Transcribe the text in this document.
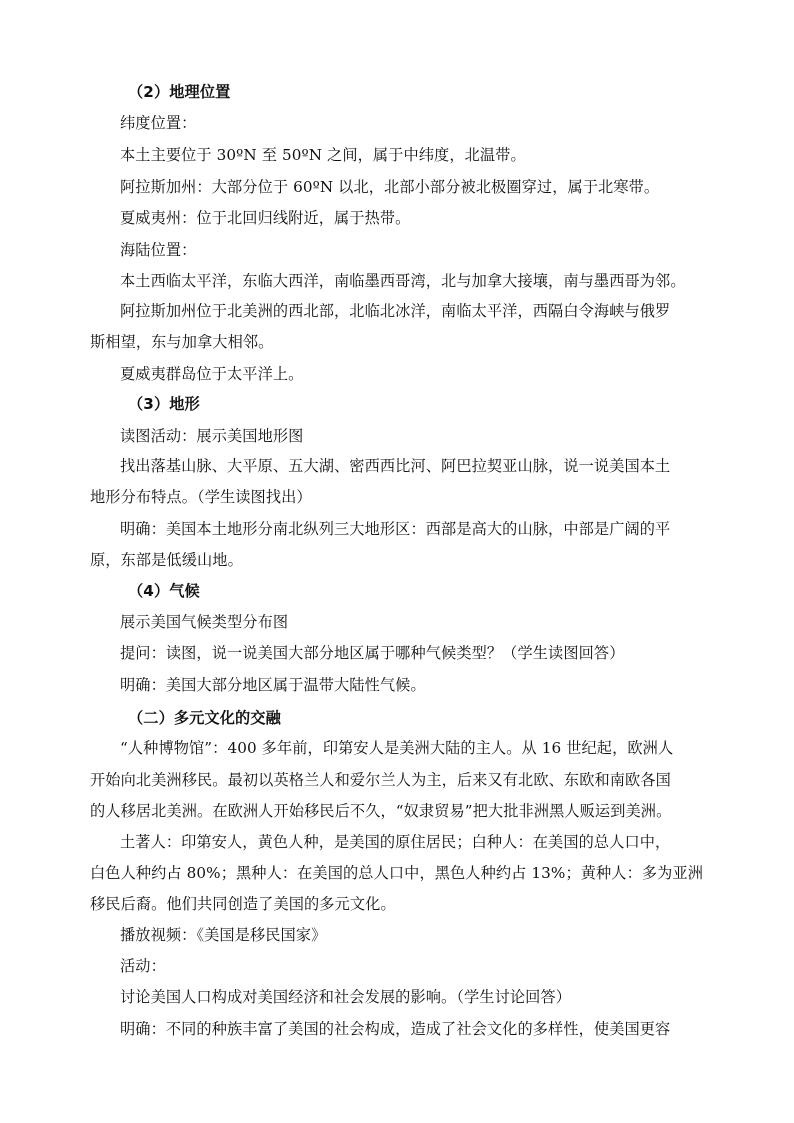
（2）地理位置
纬度位置：
本土主要位于 30ºN 至 50ºN 之间，属于中纬度，北温带。
阿拉斯加州：大部分位于 60ºN 以北，北部小部分被北极圈穿过，属于北寒带。
夏威夷州：位于北回归线附近，属于热带。
海陆位置：
本土西临太平洋，东临大西洋，南临墨西哥湾，北与加拿大接壤，南与墨西哥为邻。
阿拉斯加州位于北美洲的西北部，北临北冰洋，南临太平洋，西隔白令海峡与俄罗
斯相望，东与加拿大相邻。
夏威夷群岛位于太平洋上。
（3）地形
读图活动：展示美国地形图
找出落基山脉、大平原、五大湖、密西西比河、阿巴拉契亚山脉，说一说美国本土
地形分布特点。（学生读图找出）
明确：美国本土地形分南北纵列三大地形区：西部是高大的山脉，中部是广阔的平
原，东部是低缓山地。
（4）气候
展示美国气候类型分布图
提问：读图，说一说美国大部分地区属于哪种气候类型？（学生读图回答）
明确：美国大部分地区属于温带大陆性气候。
（二）多元文化的交融
“人种博物馆”：400 多年前，印第安人是美洲大陆的主人。从 16 世纪起，欧洲人
开始向北美洲移民。最初以英格兰人和爱尔兰人为主，后来又有北欧、东欧和南欧各国
的人移居北美洲。在欧洲人开始移民后不久，“奴隶贸易”把大批非洲黑人贩运到美洲。
土著人：印第安人，黄色人种，是美国的原住居民；白种人：在美国的总人口中，
白色人种约占 80%；黑种人：在美国的总人口中，黑色人种约占 13%；黄种人：多为亚洲
移民后裔。他们共同创造了美国的多元文化。
播放视频：《美国是移民国家》
活动：
讨论美国人口构成对美国经济和社会发展的影响。（学生讨论回答）
明确：不同的种族丰富了美国的社会构成，造成了社会文化的多样性，使美国更容
